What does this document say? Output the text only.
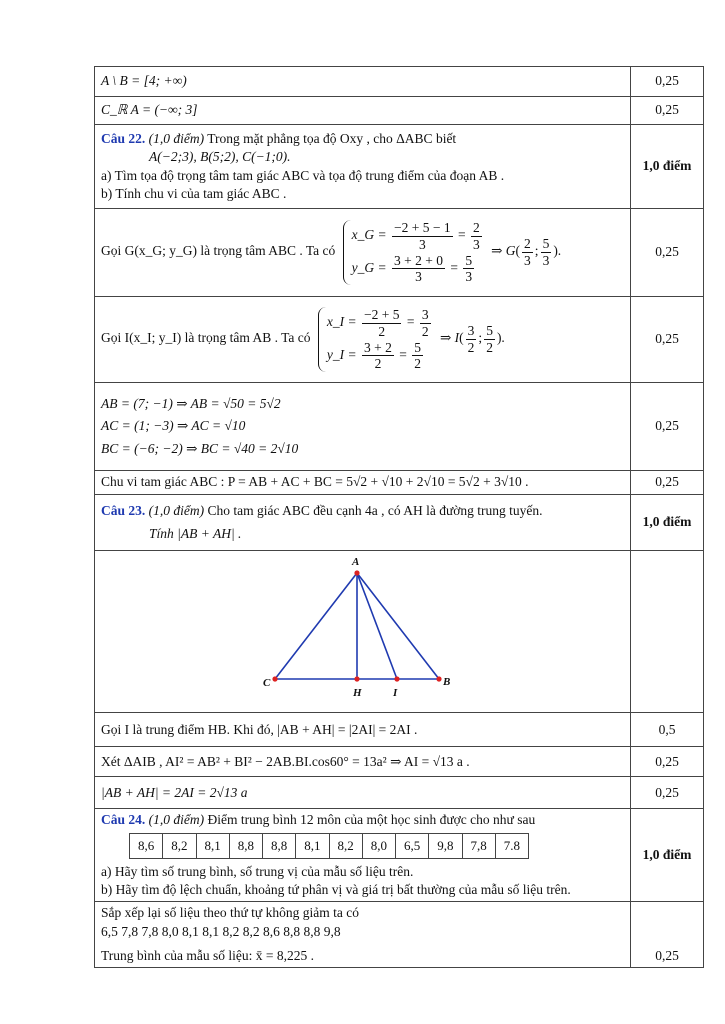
A \ B = [4; +∞)	0,25
C_ℝ A = (−∞; 3]	0,25

Câu 22. (1,0 điểm) Trong mặt phẳng tọa độ Oxy , cho ΔABC biết
A(−2;3), B(5;2), C(−1;0).
a) Tìm tọa độ trọng tâm tam giác ABC và tọa độ trung điểm của đoạn AB .
b) Tính chu vi của tam giác ABC .
	1,0 điểm
Gọi G(x_G; y_G) là trọng tâm ABC . Ta có
x_G = $\frac{-2 + 5 - 1}{3} = \frac{2}{3}$
y_G = $\frac{3 + 2 + 0}{3} = \frac{5}{3}$
⇒ $G( \frac{2}{3}$ ; $\frac{5}{3}$ ).	0,25
Gọi I(x_I; y_I) là trọng tâm AB . Ta có
x_I = $\frac{-2 + 5}{2} = \frac{3}{2}$
y_I = $\frac{3 + 2}{2} = \frac{5}{2}$
⇒ $I( \frac{3}{2}$ ; $\frac{5}{2}$ ).	0,25

AB = (7; −1) ⇒ AB = √50 = 5√2
AC = (1; −3) ⇒ AC = √10
BC = (−6; −2) ⇒ BC = √40 = 2√10
	0,25
Chu vi tam giác ABC : P = AB + AC + BC = 5√2 + √10 + 2√10 = 5√2 + 3√10 .	0,25

Câu 23. (1,0 điểm) Cho tam giác ABC đều cạnh 4a , có AH là đường trung tuyến.
Tính |AB + AH| .
	1,0 điểm

A
C	B
H	I

Gọi I là trung điểm HB. Khi đó, |AB + AH| = |2AI| = 2AI .	0,5
Xét ΔAIB , AI² = AB² + BI² − 2AB.BI.cos60° = 13a² ⇒ AI = √13 a .	0,25
|AB + AH| = 2AI = 2√13 a	0,25

Câu 24. (1,0 điểm) Điểm trung bình 12 môn của một học sinh được cho như sau
8,6	8,2	8,1	8,8	8,8	8,1	8,2	8,0	6,5	9,8	7,8	7.8
a) Hãy tìm số trung bình, số trung vị của mẫu số liệu trên.
b) Hãy tìm độ lệch chuẩn, khoảng tứ phân vị và giá trị bất thường của mẫu số liệu trên.
	1,0 điểm

Sắp xếp lại số liệu theo thứ tự không giảm ta có
6,5 7,8 7,8 8,0 8,1 8,1 8,2 8,2 8,6 8,8 8,8 9,8
Trung bình của mẫu số liệu: x̄ = 8,225 .	0,25
